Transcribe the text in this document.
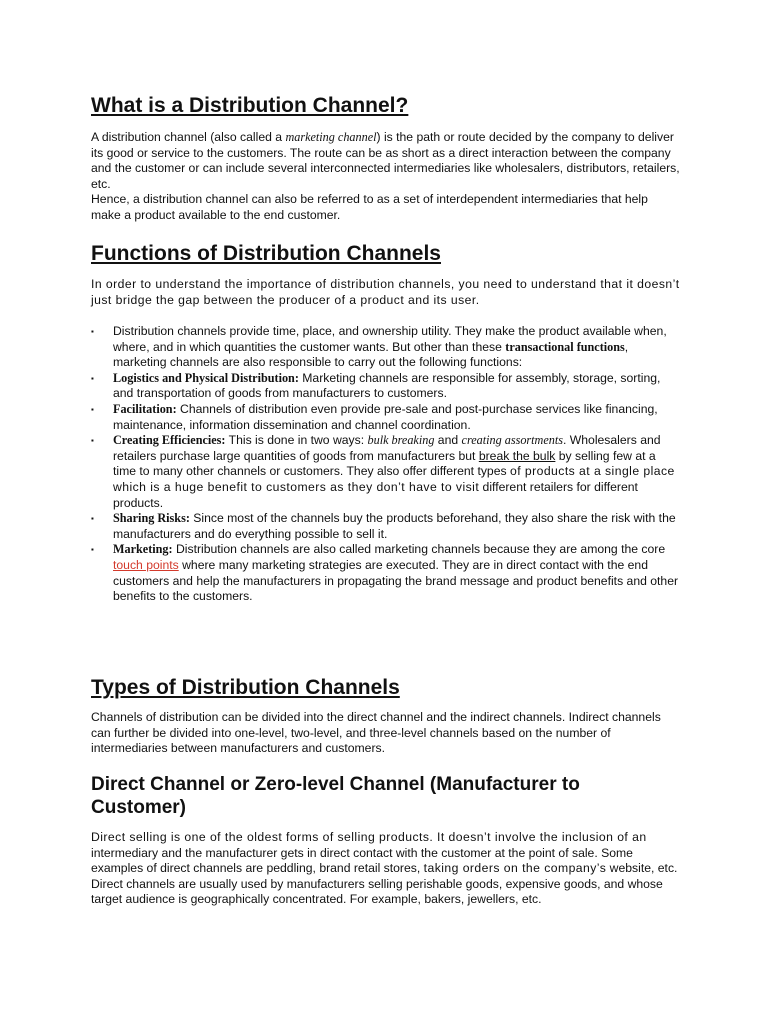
What is a Distribution Channel?

A distribution channel (also called a marketing channel) is the path or route decided by the company to deliver its good or service to the customers. The route can be as short as a direct interaction between the company and the customer or can include several interconnected intermediaries like wholesalers, distributors, retailers, etc.

Hence, a distribution channel can also be referred to as a set of interdependent intermediaries that help make a product available to the end customer.

Functions of Distribution Channels

In order to understand the importance of distribution channels, you need to understand that it doesn’t just bridge the gap between the producer of a product and its user.

▪ Distribution channels provide time, place, and ownership utility. They make the product available when, where, and in which quantities the customer wants. But other than these transactional functions, marketing channels are also responsible to carry out the following functions:
▪ Logistics and Physical Distribution: Marketing channels are responsible for assembly, storage, sorting, and transportation of goods from manufacturers to customers.
▪ Facilitation: Channels of distribution even provide pre-sale and post-purchase services like financing, maintenance, information dissemination and channel coordination.
▪ Creating Efficiencies: This is done in two ways: bulk breaking and creating assortments. Wholesalers and retailers purchase large quantities of goods from manufacturers but break the bulk by selling few at a time to many other channels or customers. They also offer different types of products at a single place which is a huge benefit to customers as they don’t have to visit different retailers for different products.
▪ Sharing Risks: Since most of the channels buy the products beforehand, they also share the risk with the manufacturers and do everything possible to sell it.
▪ Marketing: Distribution channels are also called marketing channels because they are among the core touch points where many marketing strategies are executed. They are in direct contact with the end customers and help the manufacturers in propagating the brand message and product benefits and other benefits to the customers.
Types of Distribution Channels

Channels of distribution can be divided into the direct channel and the indirect channels. Indirect channels can further be divided into one-level, two-level, and three-level channels based on the number of intermediaries between manufacturers and customers.

Direct Channel or Zero-level Channel (Manufacturer to Customer)

Direct selling is one of the oldest forms of selling products. It doesn’t involve the inclusion of an intermediary and the manufacturer gets in direct contact with the customer at the point of sale. Some examples of direct channels are peddling, brand retail stores, taking orders on the company’s website, etc. Direct channels are usually used by manufacturers selling perishable goods, expensive goods, and whose target audience is geographically concentrated. For example, bakers, jewellers, etc.
